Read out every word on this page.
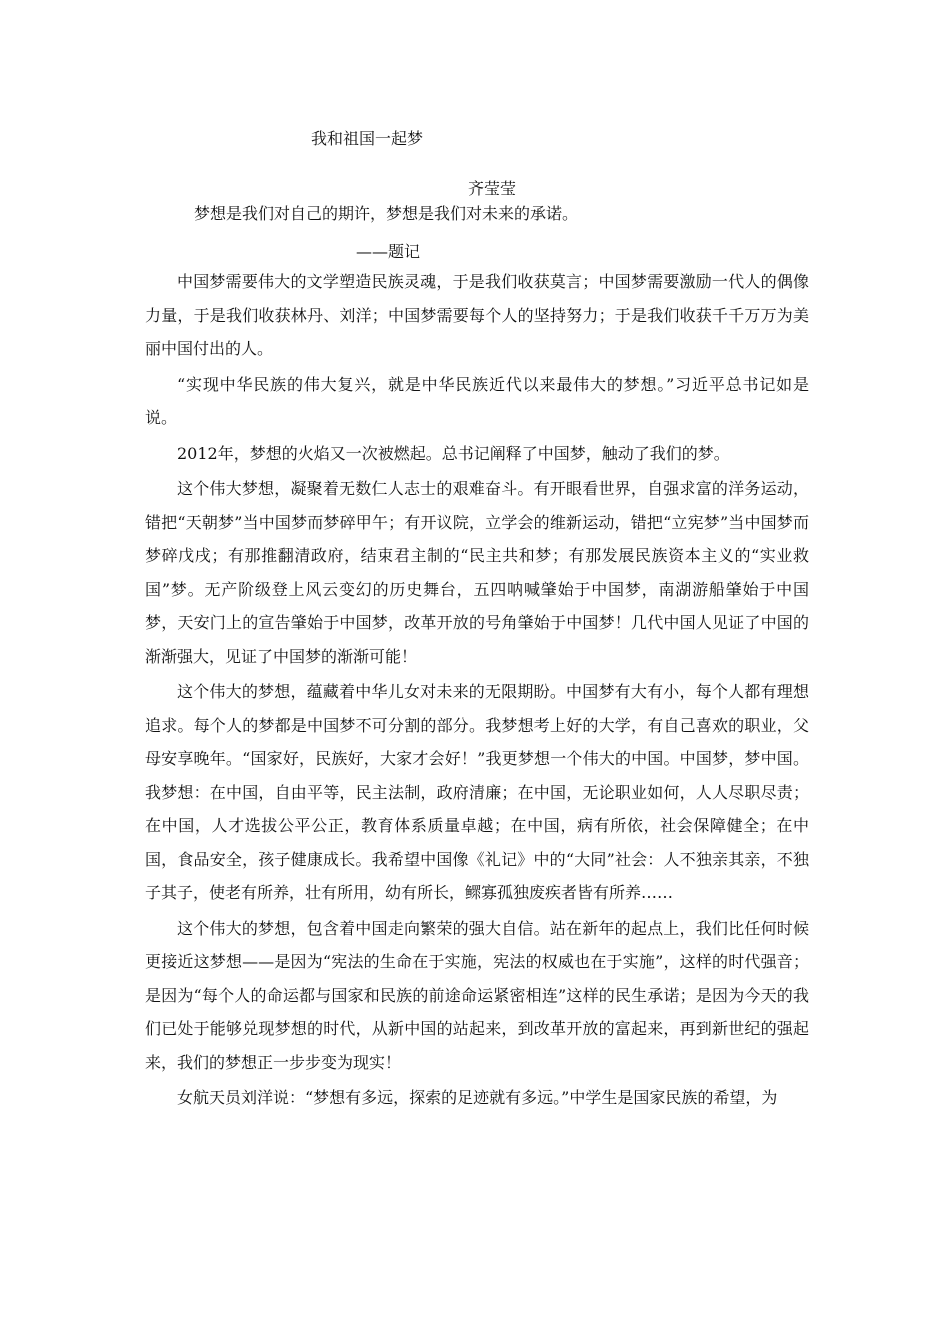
我和祖国一起梦
齐莹莹
梦想是我们对自己的期许，梦想是我们对未来的承诺。
——题记

中国梦需要伟大的文学塑造民族灵魂，于是我们收获莫言；中国梦需要激励一代人的偶像力量，于是我们收获林丹、刘洋；中国梦需要每个人的坚持努力；于是我们收获千千万万为美丽中国付出的人。

“实现中华民族的伟大复兴，就是中华民族近代以来最伟大的梦想。”习近平总书记如是说。

2012年，梦想的火焰又一次被燃起。总书记阐释了中国梦，触动了我们的梦。

这个伟大梦想，凝聚着无数仁人志士的艰难奋斗。有开眼看世界，自强求富的洋务运动，错把“天朝梦”当中国梦而梦碎甲午；有开议院，立学会的维新运动，错把“立宪梦”当中国梦而梦碎戊戌；有那推翻清政府，结束君主制的“民主共和梦；有那发展民族资本主义的“实业救国”梦。无产阶级登上风云变幻的历史舞台，五四呐喊肇始于中国梦，南湖游船肇始于中国梦，天安门上的宣告肇始于中国梦，改革开放的号角肇始于中国梦！几代中国人见证了中国的渐渐强大，见证了中国梦的渐渐可能！

这个伟大的梦想，蕴藏着中华儿女对未来的无限期盼。中国梦有大有小，每个人都有理想追求。每个人的梦都是中国梦不可分割的部分。我梦想考上好的大学，有自己喜欢的职业，父母安享晚年。“国家好，民族好，大家才会好！”我更梦想一个伟大的中国。中国梦，梦中国。我梦想：在中国，自由平等，民主法制，政府清廉；在中国，无论职业如何，人人尽职尽责；在中国，人才选拔公平公正，教育体系质量卓越；在中国，病有所依，社会保障健全；在中国，食品安全，孩子健康成长。我希望中国像《礼记》中的“大同”社会：人不独亲其亲，不独子其子，使老有所养，壮有所用，幼有所长，鳏寡孤独废疾者皆有所养……

这个伟大的梦想，包含着中国走向繁荣的强大自信。站在新年的起点上，我们比任何时候更接近这梦想——是因为“宪法的生命在于实施，宪法的权威也在于实施”，这样的时代强音；是因为“每个人的命运都与国家和民族的前途命运紧密相连”这样的民生承诺；是因为今天的我们已处于能够兑现梦想的时代，从新中国的站起来，到改革开放的富起来，再到新世纪的强起来，我们的梦想正一步步变为现实！

女航天员刘洋说：“梦想有多远，探索的足迹就有多远。”中学生是国家民族的希望，为
